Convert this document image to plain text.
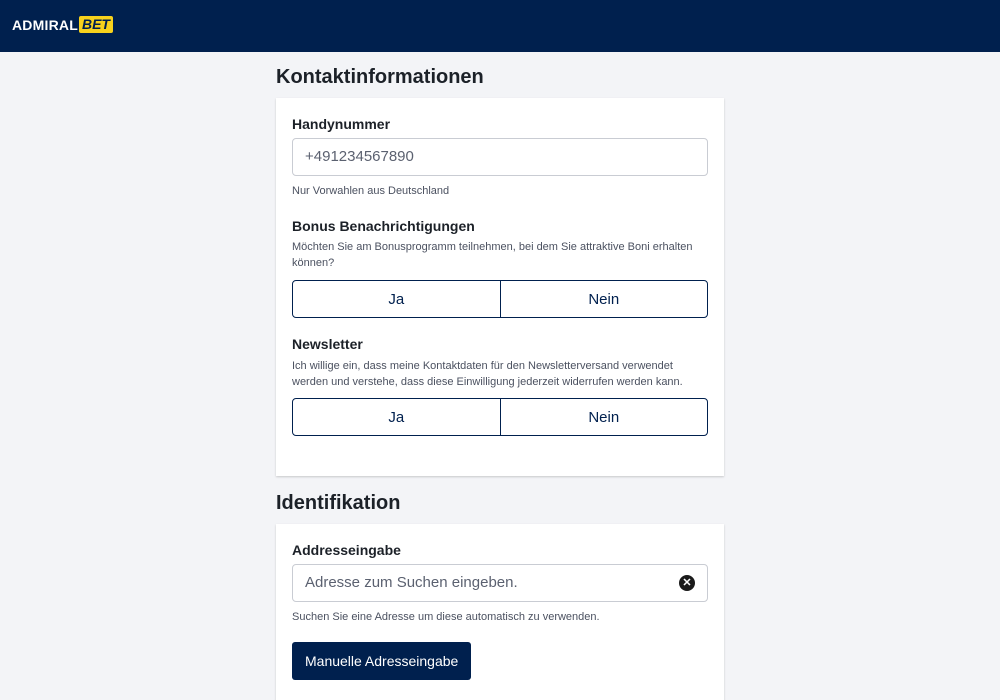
ADMIRAL BET
Kontaktinformationen
Handynummer
+491234567890
Nur Vorwahlen aus Deutschland
Bonus Benachrichtigungen
Möchten Sie am Bonusprogramm teilnehmen, bei dem Sie attraktive Boni erhalten können?
Ja	Nein
Newsletter
Ich willige ein, dass meine Kontaktdaten für den Newsletterversand verwendet werden und verstehe, dass diese Einwilligung jederzeit widerrufen werden kann.
Ja	Nein
Identifikation
Addresseingabe
Adresse zum Suchen eingeben.	✕
Suchen Sie eine Adresse um diese automatisch zu verwenden.
Manuelle Adresseingabe
